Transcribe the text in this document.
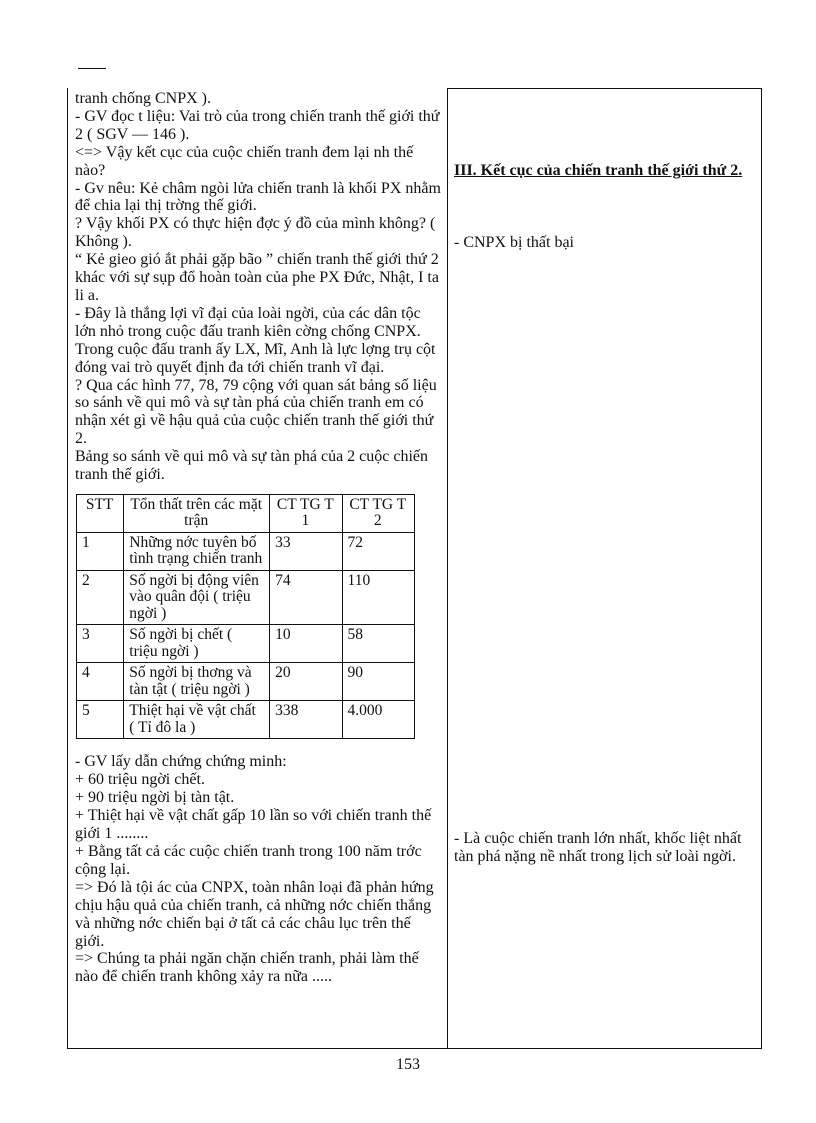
tranh chống CNPX ).

- GV đọc t liệu: Vai trò của trong chiến tranh thế giới thứ 2 ( SGV — 146 ).

<=> Vậy kết cục của cuộc chiến tranh đem lại nh thế nào?

- Gv nêu: Kẻ châm ngòi lửa chiến tranh là khối PX nhằm để chia lại thị trờng thế giới.

? Vậy khối PX có thực hiện đợc ý đồ của mình không? ( Không ).

“ Kẻ gieo gió ắt phải gặp bão ” chiến tranh thế giới thứ 2 khác với sự sụp đổ hoàn toàn của phe PX Đức, Nhật, I ta li a.

- Đây là thắng lợi vĩ đại của loài ngời, của các dân tộc lớn nhỏ trong cuộc đấu tranh kiên cờng chống CNPX. Trong cuộc đấu tranh ấy LX, Mĩ, Anh là lực lợng trụ cột đóng vai trò quyết định đa tới chiến tranh vĩ đại.

? Qua các hình 77, 78, 79 cộng với quan sát bảng số liệu so sánh về qui mô và sự tàn phá của chiến tranh em có nhận xét gì về hậu quả của cuộc chiến tranh thế giới thứ 2.

Bảng so sánh về qui mô và sự tàn phá của 2 cuộc chiến tranh thế giới.

STT	Tổn thất trên các mặt trận	CT TG T 1	CT TG T 2
1	Những nớc tuyên bố tình trạng chiến tranh	33	72
2	Số ngời bị động viên vào quân đội ( triệu ngời )	74	110
3	Số ngời bị chết ( triệu ngời )	10	58
4	Số ngời bị thơng và tàn tật ( triệu ngời )	20	90
5	Thiệt hại về vật chất ( Tỉ đô la )	338	4.000

- GV lấy dẫn chứng chứng minh:

+ 60 triệu ngời chết.

+ 90 triệu ngời bị tàn tật.

+ Thiệt hại về vật chất gấp 10 lần so với chiến tranh thế giới 1 ........

+ Bằng tất cả các cuộc chiến tranh trong 100 năm trớc cộng lại.

=> Đó là tội ác của CNPX, toàn nhân loại đã phản hứng chịu hậu quả của chiến tranh, cả những nớc chiến thắng và những nớc chiến bại ở tất cả các châu lục trên thế giới.

=> Chúng ta phải ngăn chặn chiến tranh, phải làm thế nào để chiến tranh không xảy ra nữa .....

III. Kết cục của chiến tranh thế giới thứ 2.
- CNPX bị thất bại
- Là cuộc chiến tranh lớn nhất, khốc liệt nhất tàn phá nặng nề nhất trong lịch sử loài ngời.
153
